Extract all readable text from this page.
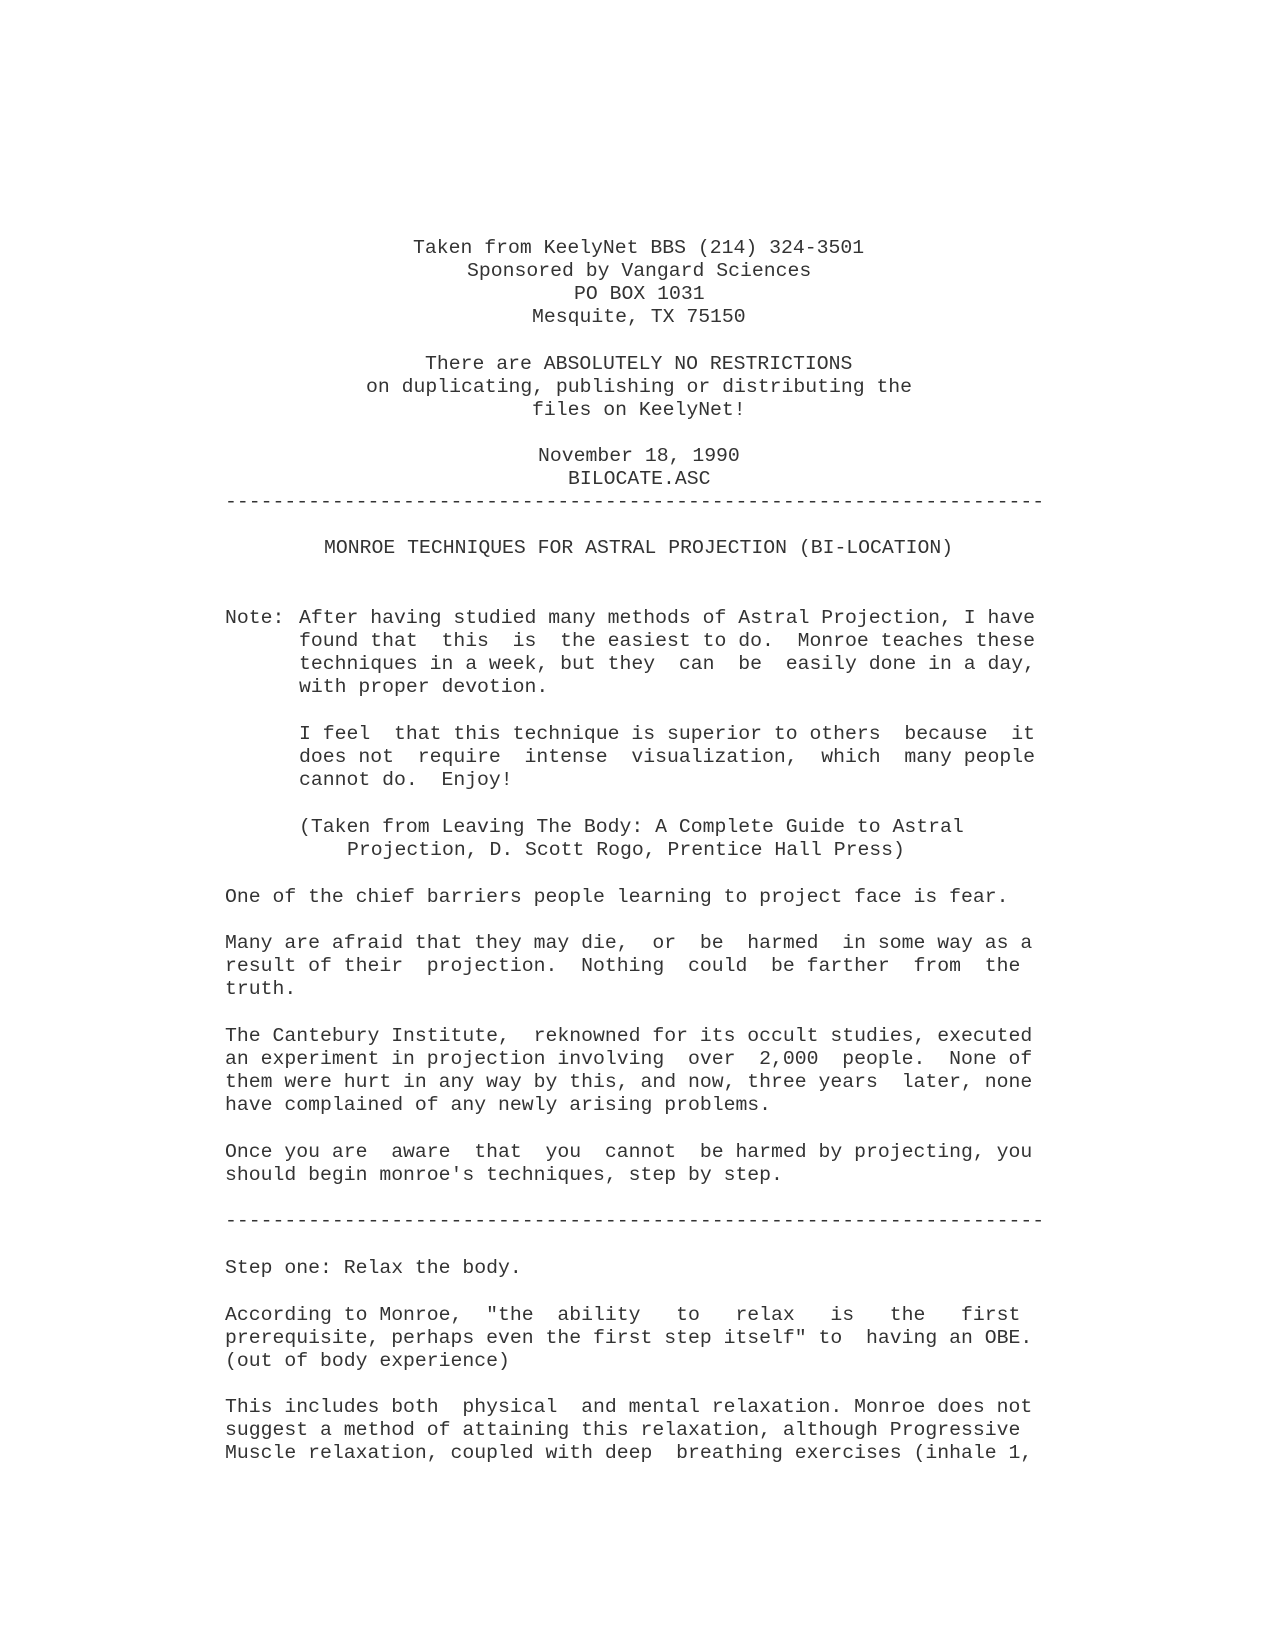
Taken from KeelyNet BBS (214) 324-3501

Sponsored by Vangard Sciences

PO BOX 1031

Mesquite, TX 75150

There are ABSOLUTELY NO RESTRICTIONS

on duplicating, publishing or distributing the

files on KeelyNet!

November 18, 1990

BILOCATE.ASC

---------------------------------------------------------------------

MONROE TECHNIQUES FOR ASTRAL PROJECTION (BI-LOCATION)

Note: After having studied many methods of Astral Projection, I have

found that  this  is  the easiest to do.  Monroe teaches these

techniques in a week, but they  can  be  easily done in a day,

with proper devotion.

I feel  that this technique is superior to others  because  it

does not  require  intense  visualization,  which  many people

cannot do.  Enjoy!

(Taken from Leaving The Body: A Complete Guide to Astral

Projection, D. Scott Rogo, Prentice Hall Press)

One of the chief barriers people learning to project face is fear.

Many are afraid that they may die,  or  be  harmed  in some way as a

result of their  projection.  Nothing  could  be farther  from  the

truth.

The Cantebury Institute,  reknowned for its occult studies, executed

an experiment in projection involving  over  2,000  people.  None of

them were hurt in any way by this, and now, three years  later, none

have complained of any newly arising problems.

Once you are  aware  that  you  cannot  be harmed by projecting, you

should begin monroe's techniques, step by step.

---------------------------------------------------------------------

Step one: Relax the body.

According to Monroe,  "the  ability   to   relax   is   the   first

prerequisite, perhaps even the first step itself" to  having an OBE.

(out of body experience)

This includes both  physical  and mental relaxation. Monroe does not

suggest a method of attaining this relaxation, although Progressive

Muscle relaxation, coupled with deep  breathing exercises (inhale 1,
